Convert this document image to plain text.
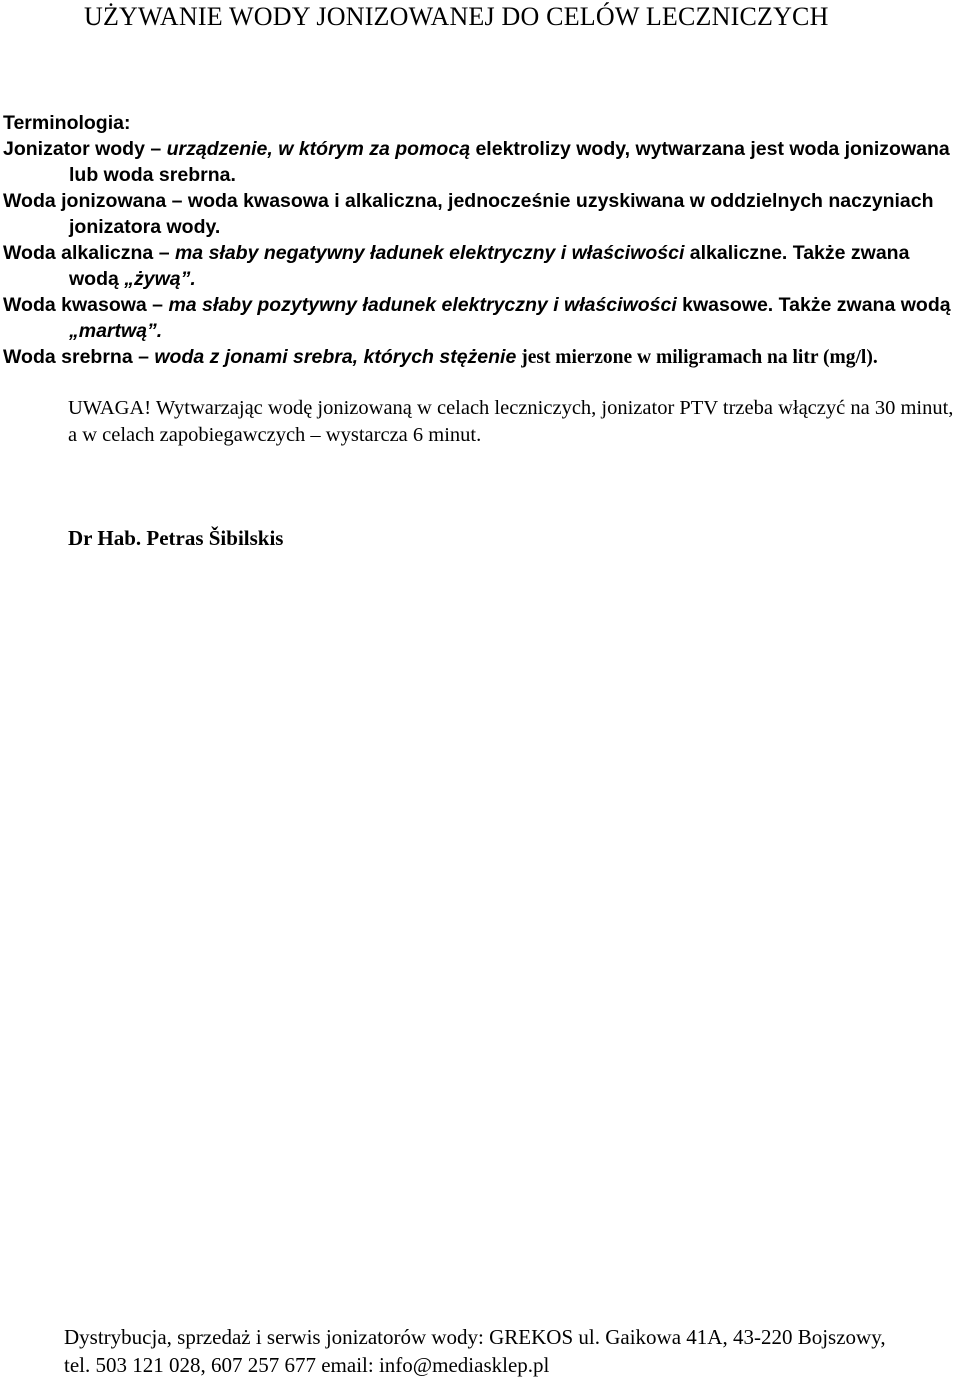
UŻYWANIE WODY JONIZOWANEJ DO CELÓW LECZNICZYCH

Terminologia:

Jonizator wody – urządzenie, w którym za pomocą elektrolizy wody, wytwarzana jest woda jonizowana lub woda srebrna.

Woda jonizowana – woda kwasowa i alkaliczna, jednocześnie uzyskiwana w oddzielnych naczyniach jonizatora wody.

Woda alkaliczna – ma słaby negatywny ładunek elektryczny i właściwości alkaliczne. Także zwana wodą „żywą”.

Woda kwasowa – ma słaby pozytywny ładunek elektryczny i właściwości kwasowe. Także zwana wodą „martwą”.

Woda srebrna – woda z jonami srebra, których stężenie jest mierzone w miligramach na litr (mg/l).

UWAGA! Wytwarzając wodę jonizowaną w celach leczniczych, jonizator PTV trzeba włączyć na 30 minut, a w celach zapobiegawczych – wystarcza 6 minut.
Dr Hab. Petras Šibilskis

Dystrybucja, sprzedaż i serwis jonizatorów wody: GREKOS ul. Gaikowa 41A, 43-220 Bojszowy,

tel. 503 121 028, 607 257 677 email: info@mediasklep.pl
